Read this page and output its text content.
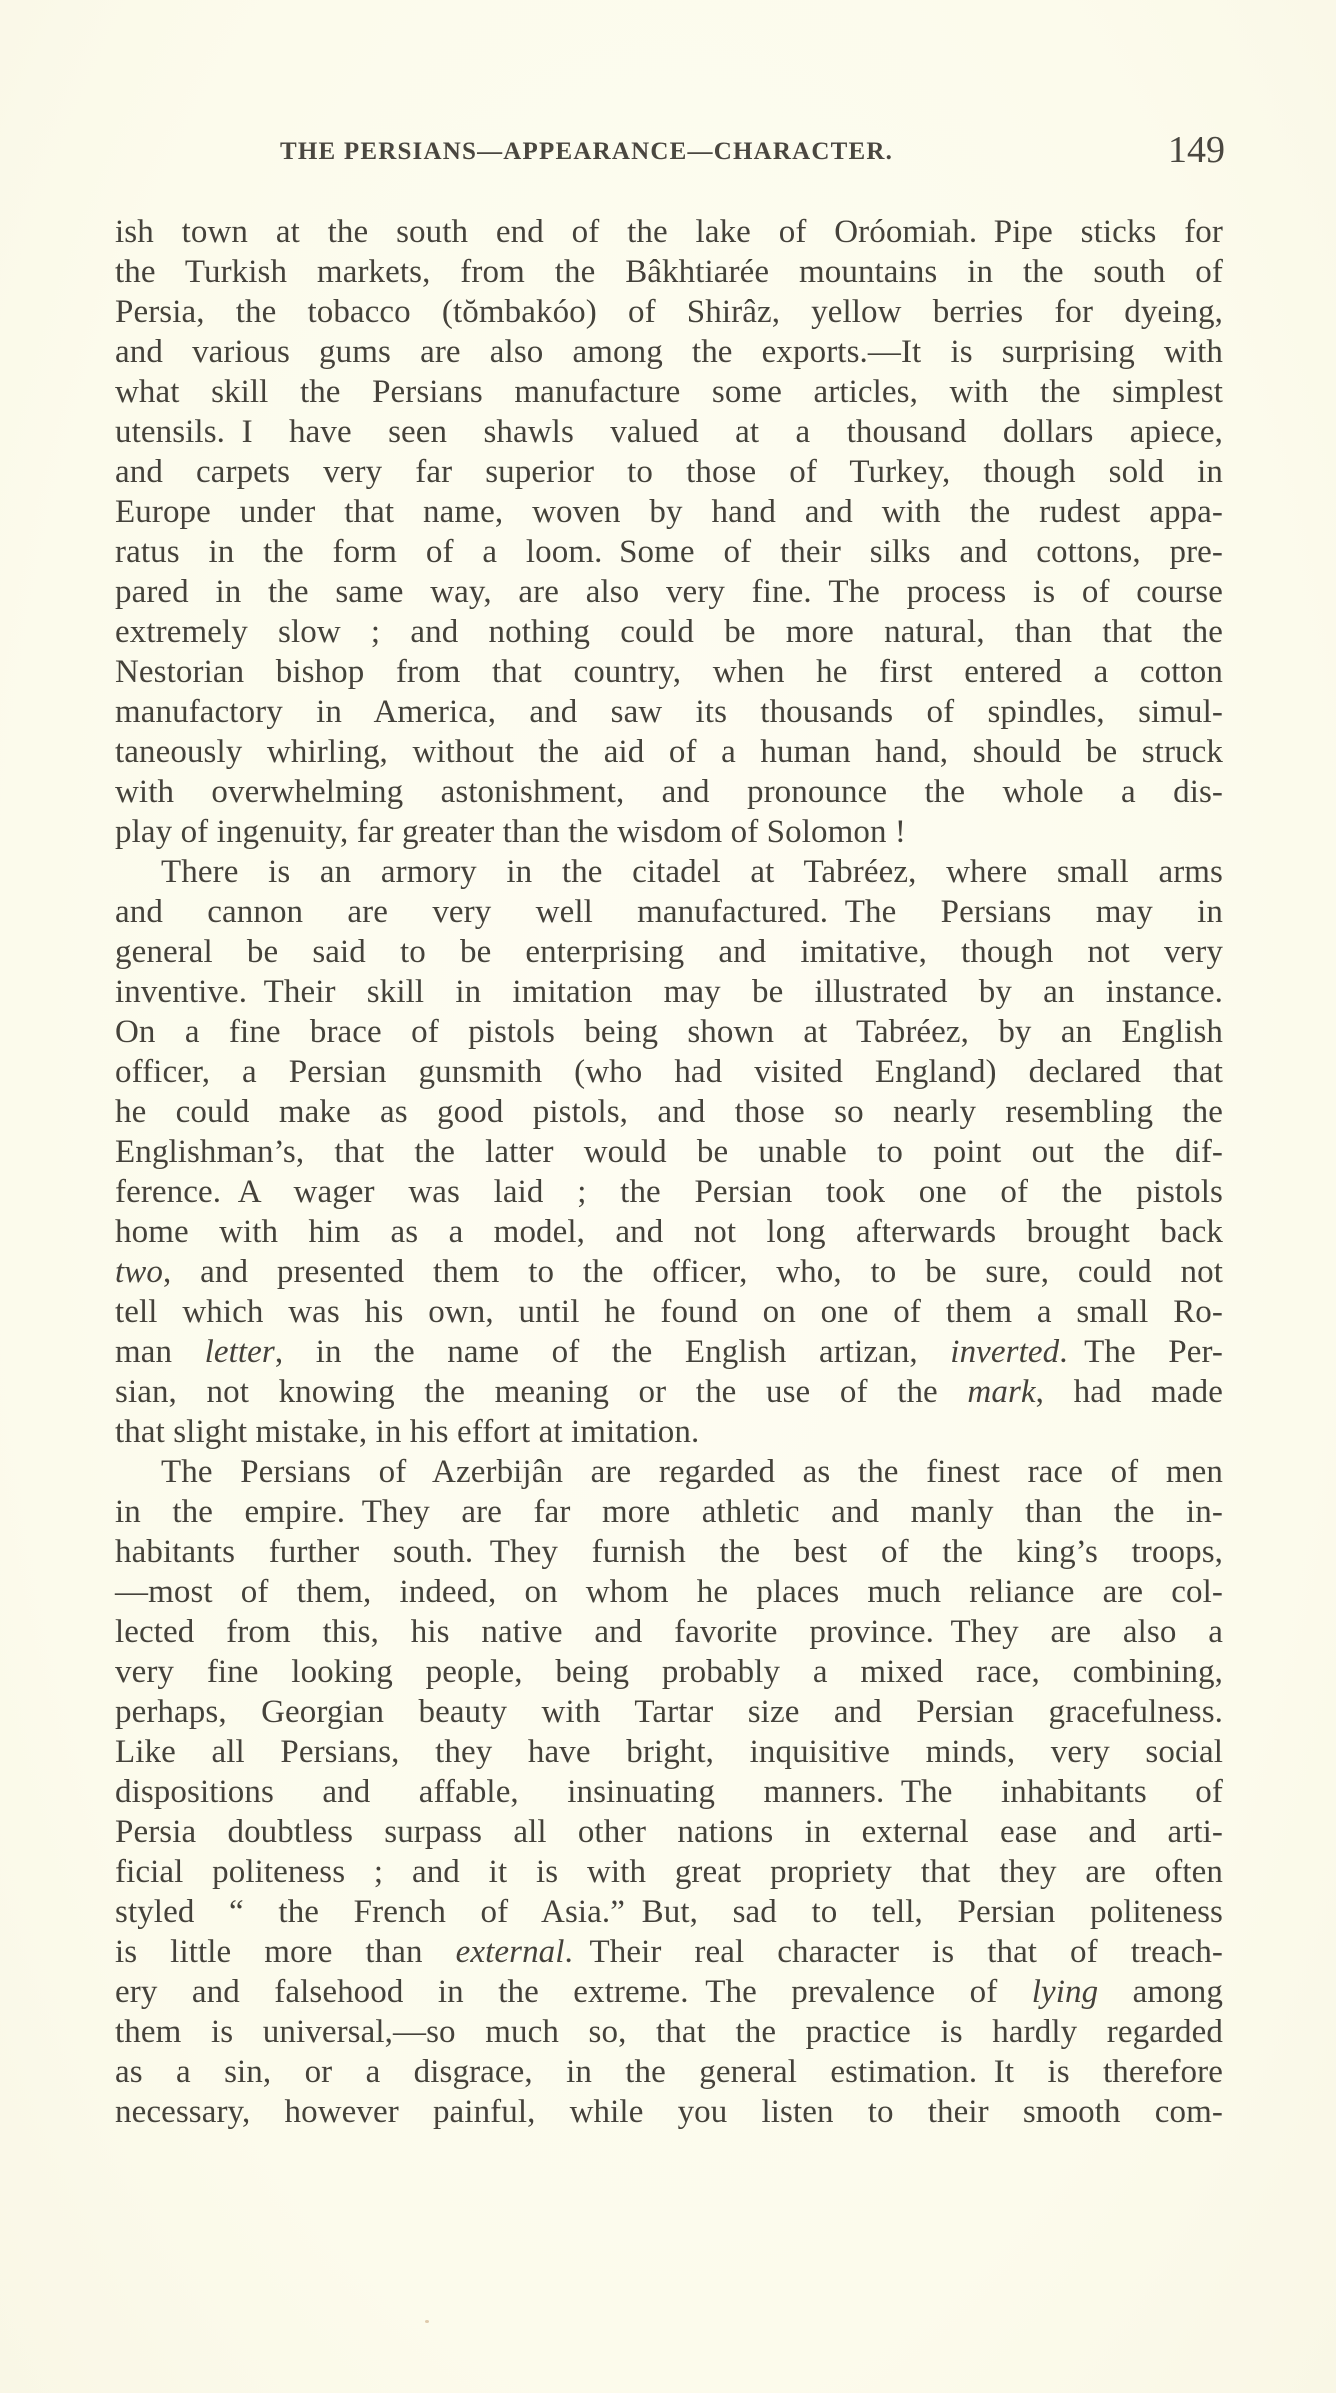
THE PERSIANS—APPEARANCE—CHARACTER.	149
ish town at the south end of the lake of Oróomiah. Pipe sticks for
the Turkish markets, from the Bâkhtiarée mountains in the south of
Persia, the tobacco (tŏmbakóo) of Shirâz, yellow berries for dyeing,
and various gums are also among the exports.—It is surprising with
what skill the Persians manufacture some articles, with the simplest
utensils. I have seen shawls valued at a thousand dollars apiece,
and carpets very far superior to those of Turkey, though sold in
Europe under that name, woven by hand and with the rudest appa-
ratus in the form of a loom. Some of their silks and cottons, pre-
pared in the same way, are also very fine. The process is of course
extremely slow ; and nothing could be more natural, than that the
Nestorian bishop from that country, when he first entered a cotton
manufactory in America, and saw its thousands of spindles, simul-
taneously whirling, without the aid of a human hand, should be struck
with overwhelming astonishment, and pronounce the whole a dis-
play of ingenuity, far greater than the wisdom of Solomon !
There is an armory in the citadel at Tabréez, where small arms
and cannon are very well manufactured. The Persians may in
general be said to be enterprising and imitative, though not very
inventive. Their skill in imitation may be illustrated by an instance.
On a fine brace of pistols being shown at Tabréez, by an English
officer, a Persian gunsmith (who had visited England) declared that
he could make as good pistols, and those so nearly resembling the
Englishman’s, that the latter would be unable to point out the dif-
ference. A wager was laid ; the Persian took one of the pistols
home with him as a model, and not long afterwards brought back
two, and presented them to the officer, who, to be sure, could not
tell which was his own, until he found on one of them a small Ro-
man letter, in the name of the English artizan, inverted. The Per-
sian, not knowing the meaning or the use of the mark, had made
that slight mistake, in his effort at imitation.
The Persians of Azerbijân are regarded as the finest race of men
in the empire. They are far more athletic and manly than the in-
habitants further south. They furnish the best of the king’s troops,
—most of them, indeed, on whom he places much reliance are col-
lected from this, his native and favorite province. They are also a
very fine looking people, being probably a mixed race, combining,
perhaps, Georgian beauty with Tartar size and Persian gracefulness.
Like all Persians, they have bright, inquisitive minds, very social
dispositions and affable, insinuating manners. The inhabitants of
Persia doubtless surpass all other nations in external ease and arti-
ficial politeness ; and it is with great propriety that they are often
styled “ the French of Asia.” But, sad to tell, Persian politeness
is little more than external. Their real character is that of treach-
ery and falsehood in the extreme. The prevalence of lying among
them is universal,—so much so, that the practice is hardly regarded
as a sin, or a disgrace, in the general estimation. It is therefore
necessary, however painful, while you listen to their smooth com-
